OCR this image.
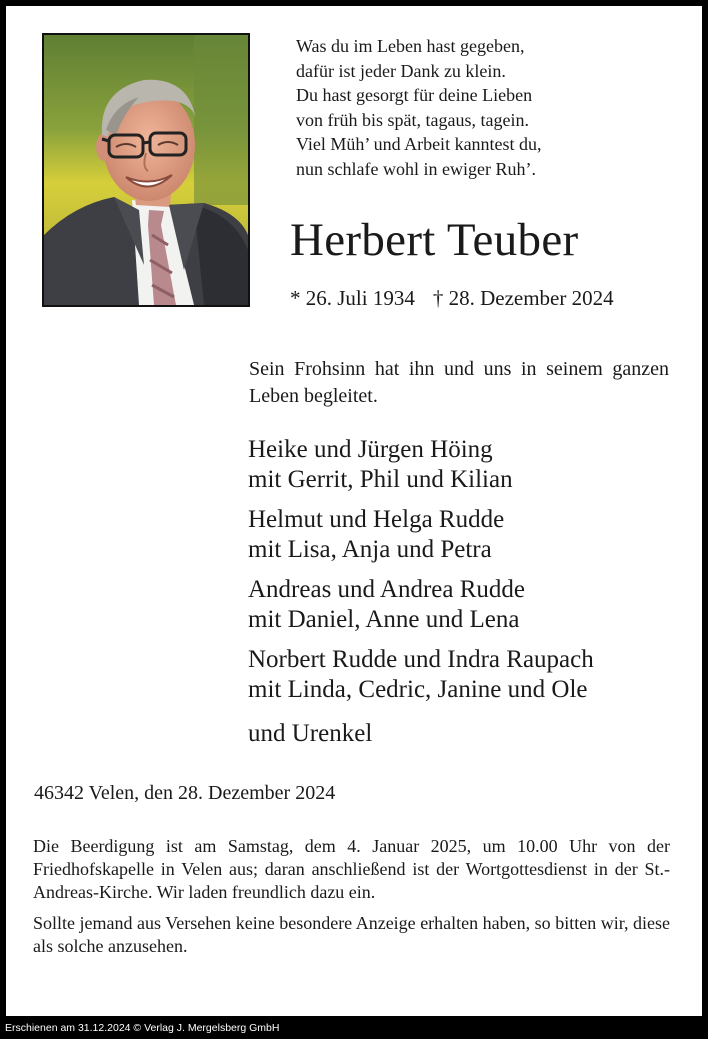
Was du im Leben hast gegeben,
dafür ist jeder Dank zu klein.
Du hast gesorgt für deine Lieben
von früh bis spät, tagaus, tagein.
Viel Müh’ und Arbeit kanntest du,
nun schlafe wohl in ewiger Ruh’.
Herbert Teuber
* 26. Juli 1934 † 28. Dezember 2024
Sein Frohsinn hat ihn und uns in seinem ganzen Leben begleitet.
Heike und Jürgen Höing
mit Gerrit, Phil und Kilian
Helmut und Helga Rudde
mit Lisa, Anja und Petra
Andreas und Andrea Rudde
mit Daniel, Anne und Lena
Norbert Rudde und Indra Raupach
mit Linda, Cedric, Janine und Ole
und Urenkel
46342 Velen, den 28. Dezember 2024

Die Beerdigung ist am Samstag, dem 4. Januar 2025, um 10.00 Uhr von der Friedhofskapelle in Velen aus; daran anschließend ist der Wortgottesdienst in der St.-Andreas-Kirche. Wir laden freundlich dazu ein.

Sollte jemand aus Versehen keine besondere Anzeige erhalten haben, so bitten wir, diese als solche anzusehen.

Erschienen am 31.12.2024 © Verlag J. Mergelsberg GmbH
